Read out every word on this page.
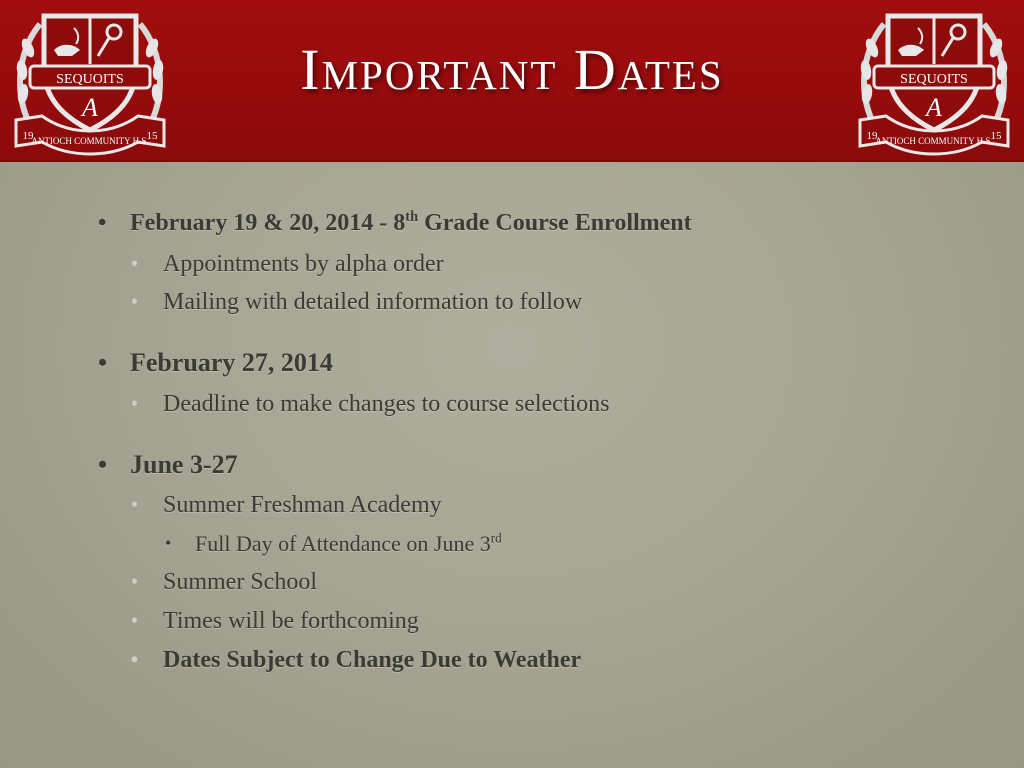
SEQUOITS
A
19	15
ANTIOCH COMMUNITY H.S.
Important Dates	SEQUOITS
A
19	15
ANTIOCH COMMUNITY H.S.
• February 19 & 20, 2014 - 8th Grade Course Enrollment
• Appointments by alpha order
• Mailing with detailed information to follow
• February 27, 2014
• Deadline to make changes to course selections
• June 3-27
• Summer Freshman Academy
• Full Day of Attendance on June 3rd
• Summer School
• Times will be forthcoming
• Dates Subject to Change Due to Weather
